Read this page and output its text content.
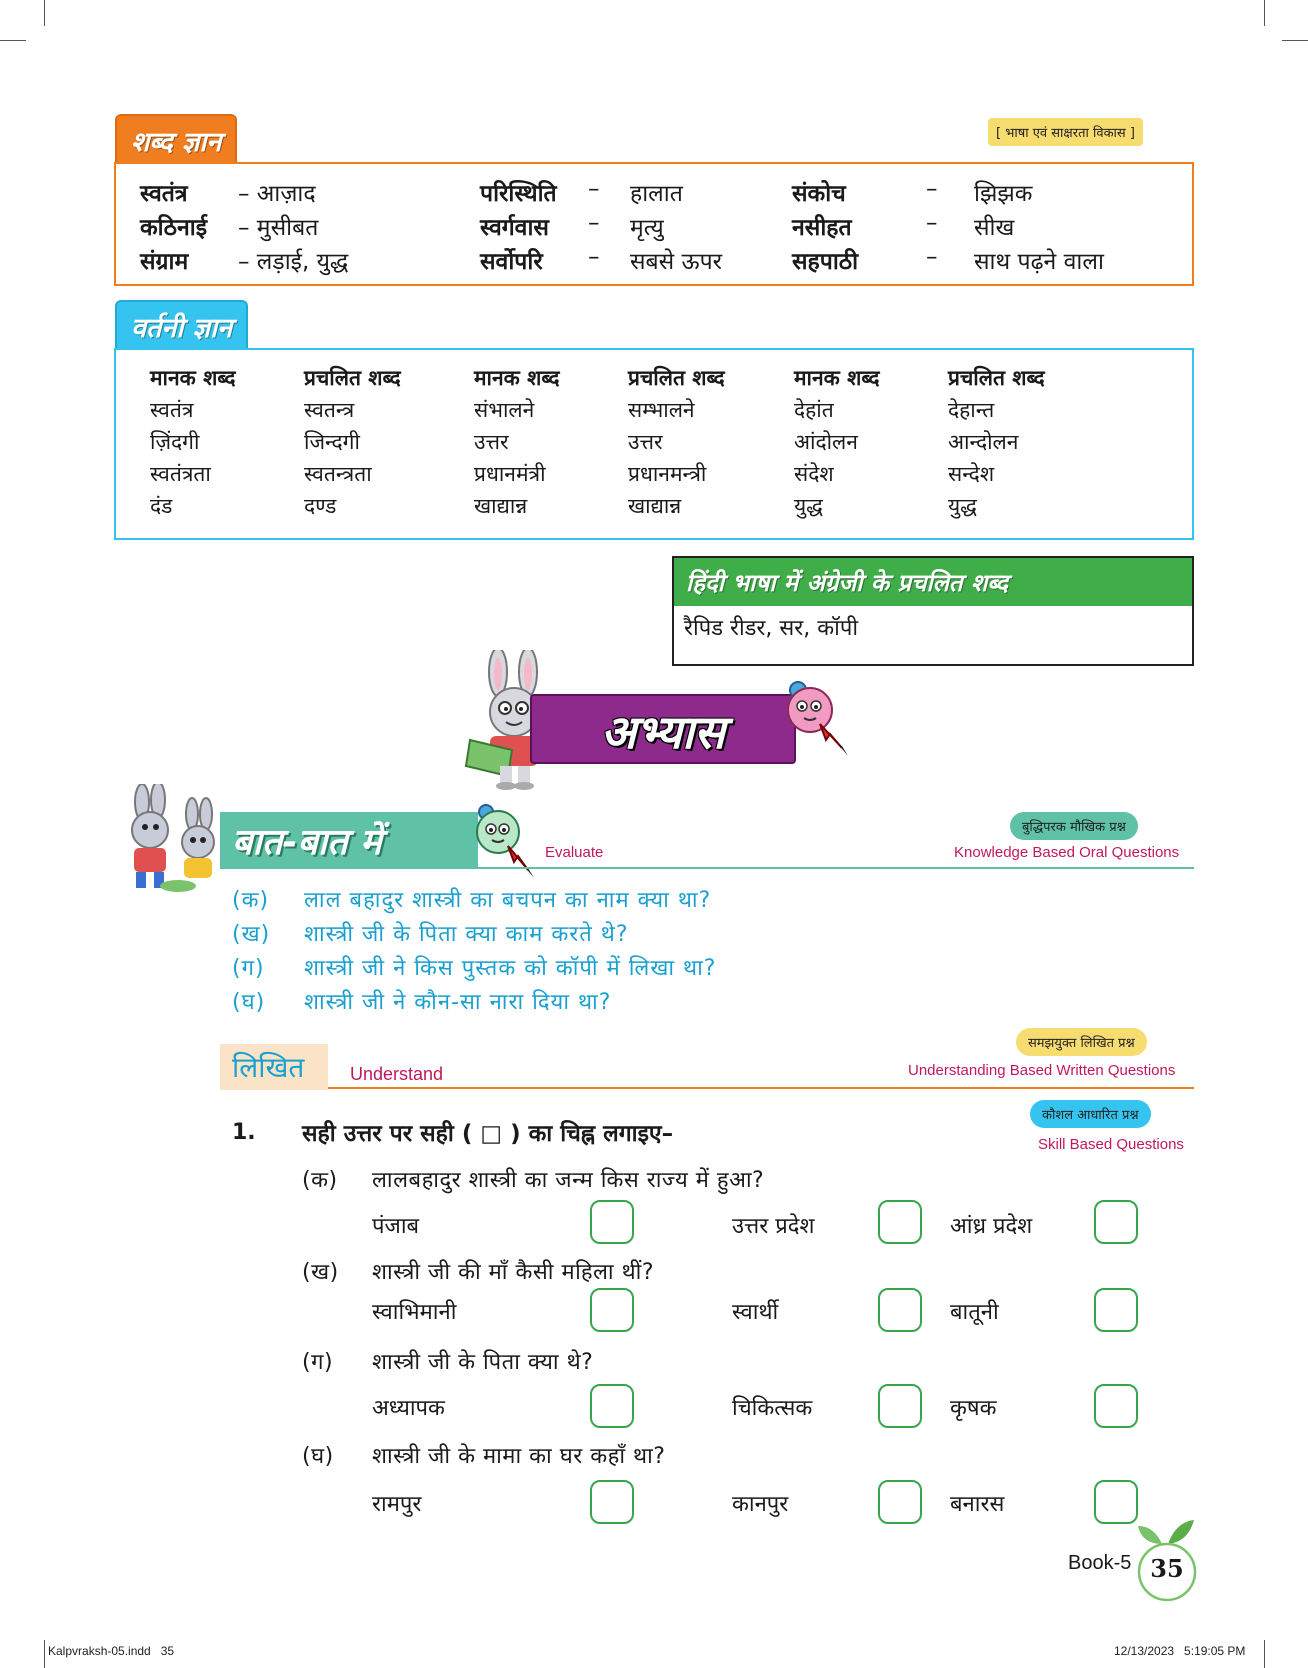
[ भाषा एवं साक्षरता विकास ]
शब्द ज्ञान
स्वतंत्र – आज़ाद	परिस्थिति – हालात	संकोच	– झिझक
कठिनाई – मुसीबत	स्वर्गवास – मृत्यु	नसीहत	– सीख
संग्राम – लड़ाई, युद्ध	सर्वोपरि – सबसे ऊपर	सहपाठी	– साथ पढ़ने वाला
वर्तनी ज्ञान
मानक शब्द	प्रचलित शब्द	मानक शब्द	प्रचलित शब्द	मानक शब्द	प्रचलित शब्द
स्वतंत्र	स्वतन्त्र	संभालने	सम्भालने	देहांत	देहान्त
ज़िंदगी	जिन्दगी	उत्तर	उत्तर	आंदोलन	आन्दोलन
स्वतंत्रता	स्वतन्त्रता	प्रधानमंत्री	प्रधानमन्त्री	संदेश	सन्देश
दंड	दण्ड	खाद्यान्न	खाद्यान्न	युद्ध	युद्ध
हिंदी भाषा में अंग्रेजी के प्रचलित शब्द
रैपिड रीडर, सर, कॉपी
अभ्यास
बात-बात में	Evaluate
बुद्धिपरक मौखिक प्रश्न
Knowledge Based Oral Questions
(क) लाल बहादुर शास्त्री का बचपन का नाम क्या था?
(ख) शास्त्री जी के पिता क्या काम करते थे?
(ग) शास्त्री जी ने किस पुस्तक को कॉपी में लिखा था?
(घ) शास्त्री जी ने कौन-सा नारा दिया था?
लिखित	Understand
समझयुक्त लिखित प्रश्न
Understanding Based Written Questions
कौशल आधारित प्रश्न
Skill Based Questions
1. सही उत्तर पर सही ( □ ) का चिह्न लगाइए–
(क) लालबहादुर शास्त्री का जन्म किस राज्य में हुआ?
पंजाब	उत्तर प्रदेश	आंध्र प्रदेश
(ख) शास्त्री जी की माँ कैसी महिला थीं?
स्वाभिमानी	स्वार्थी	बातूनी
(ग) शास्त्री जी के पिता क्या थे?
अध्यापक	चिकित्सक	कृषक
(घ) शास्त्री जी के मामा का घर कहाँ था?
रामपुर	कानपुर	बनारस
Book-5 35
Kalpvraksh-05.indd   35	12/13/2023   5:19:05 PM
